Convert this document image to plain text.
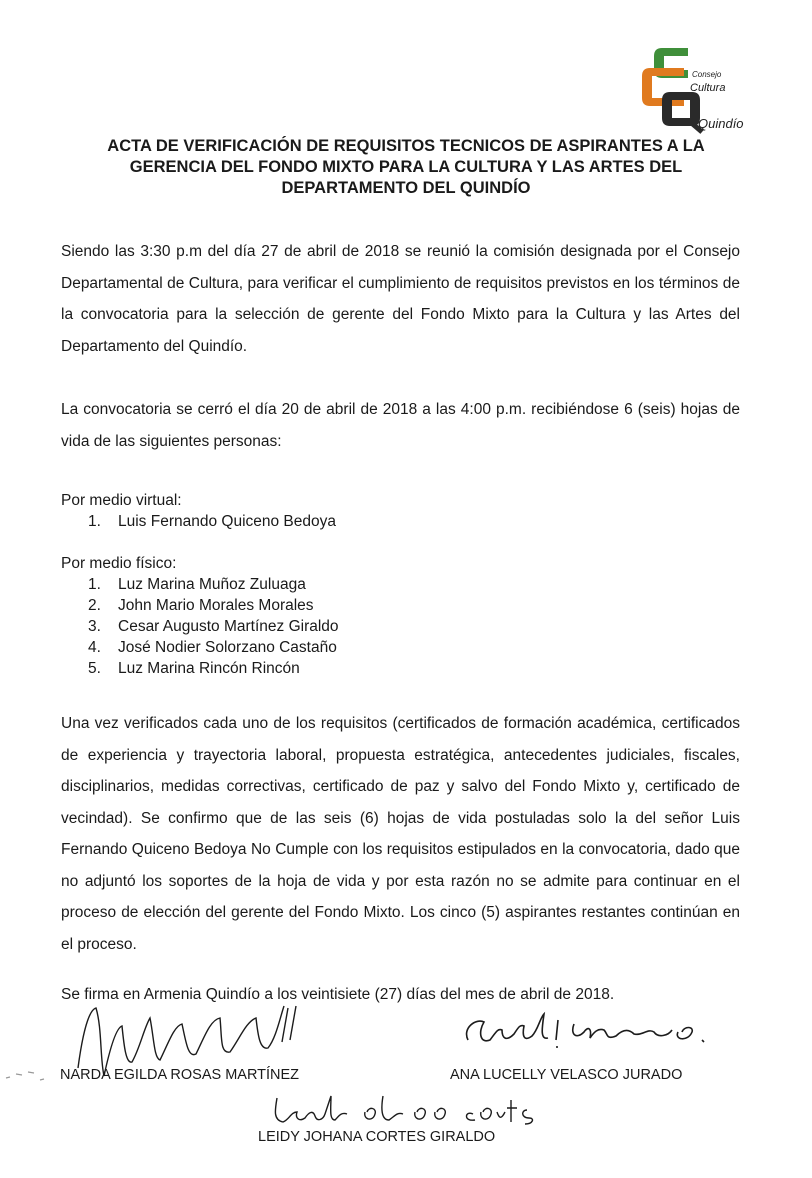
Consejo
Cultura
Quindío
ACTA DE VERIFICACIÓN DE REQUISITOS TECNICOS DE ASPIRANTES A LA
GERENCIA DEL FONDO MIXTO PARA LA CULTURA Y LAS ARTES DEL
DEPARTAMENTO DEL QUINDÍO

Siendo las 3:30 p.m del día 27 de abril de 2018 se reunió la comisión designada por el Consejo Departamental de Cultura, para verificar el cumplimiento de requisitos previstos en los términos de la convocatoria para la selección de gerente del Fondo Mixto para la Cultura y las Artes del Departamento del Quindío.

La convocatoria se cerró el día 20 de abril de 2018 a las 4:00 p.m. recibiéndose 6 (seis) hojas de vida de las siguientes personas:

Por medio virtual:
1.	Luis Fernando Quiceno Bedoya
Por medio físico:
1.	Luz Marina Muñoz Zuluaga
2.	John Mario Morales Morales
3.	Cesar Augusto Martínez Giraldo
4.	José Nodier Solorzano Castaño
5.	Luz Marina Rincón Rincón

Una vez verificados cada uno de los requisitos (certificados de formación académica, certificados de experiencia y trayectoria laboral, propuesta estratégica, antecedentes judiciales, fiscales, disciplinarios, medidas correctivas, certificado de paz y salvo del Fondo Mixto y, certificado de vecindad). Se confirmo que de las seis (6) hojas de vida postuladas solo la del señor Luis Fernando Quiceno Bedoya No Cumple con los requisitos estipulados en la convocatoria, dado que no adjuntó los soportes de la hoja de vida y por esta razón no se admite para continuar en el proceso de elección del gerente del Fondo Mixto. Los cinco (5) aspirantes restantes continúan en el proceso.

Se firma en Armenia Quindío a los veintisiete (27) días del mes de abril de 2018.

NARDA EGILDA ROSAS MARTÍNEZ	ANA LUCELLY VELASCO JURADO
LEIDY JOHANA CORTES GIRALDO
